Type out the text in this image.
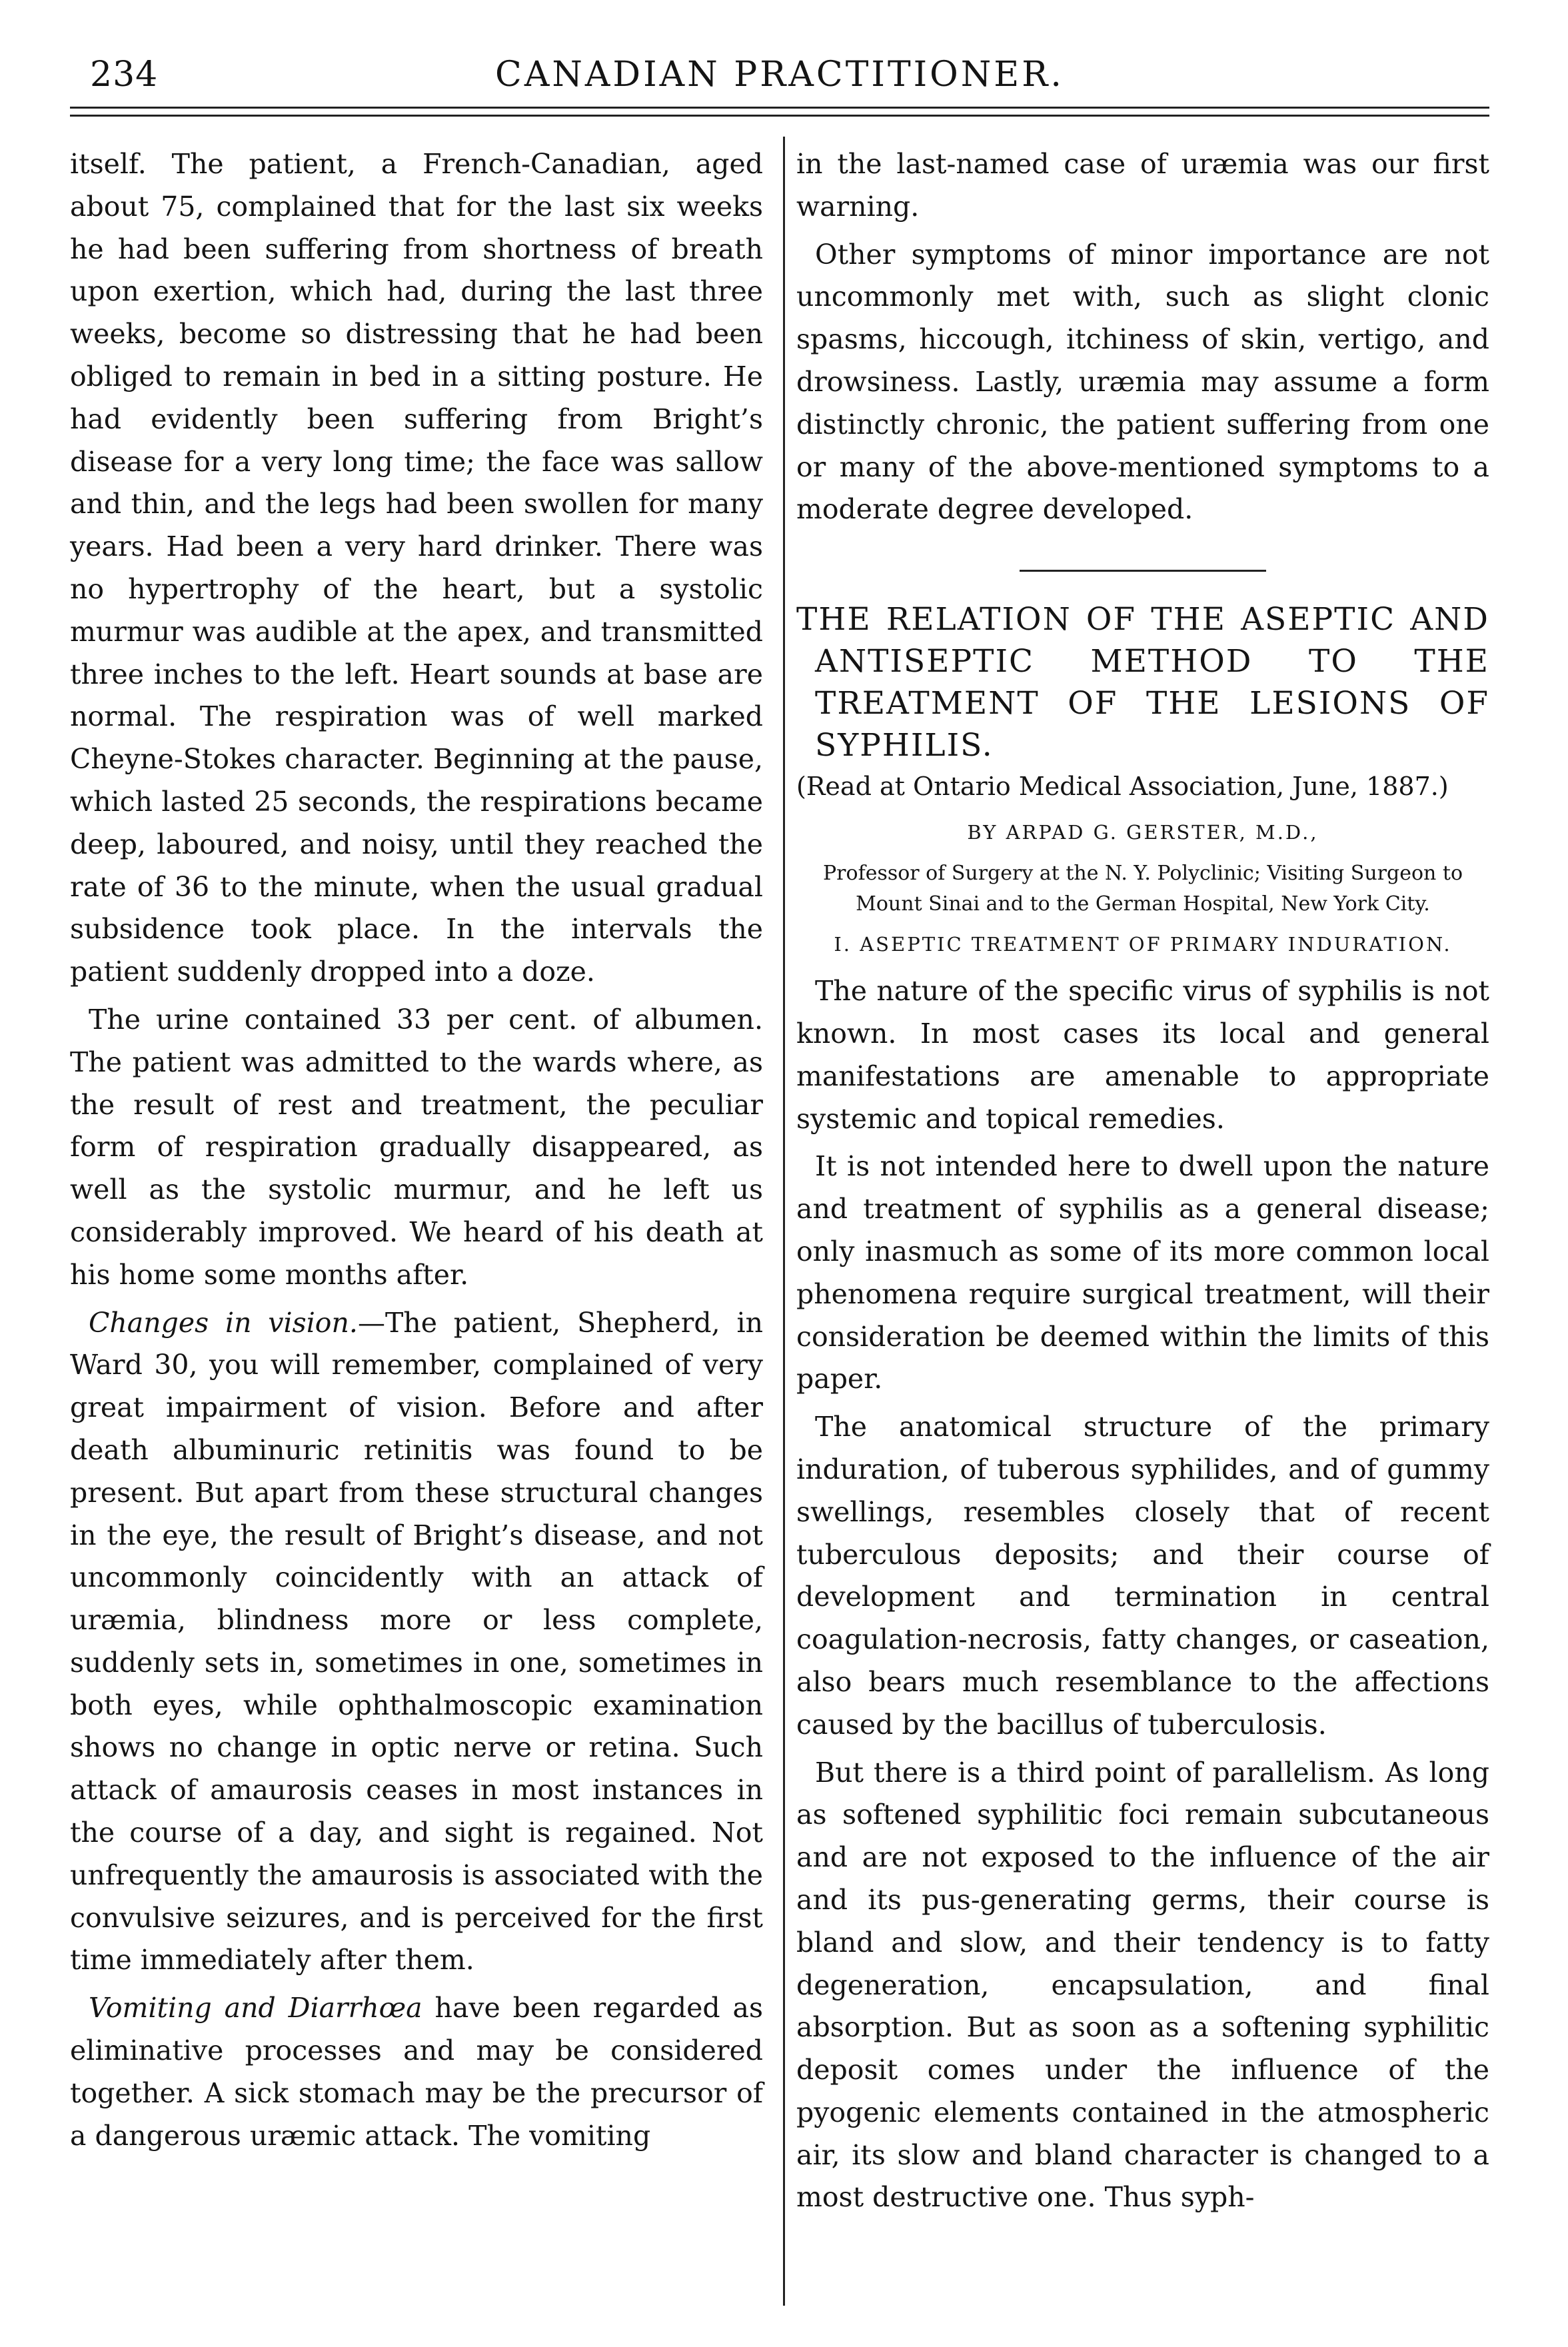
234	CANADIAN PRACTITIONER.

itself. The patient, a French-Canadian, aged about 75, complained that for the last six weeks he had been suffering from shortness of breath upon exertion, which had, during the last three weeks, become so distressing that he had been obliged to remain in bed in a sitting posture. He had evidently been suffering from Bright’s disease for a very long time; the face was sallow and thin, and the legs had been swollen for many years. Had been a very hard drinker. There was no hypertrophy of the heart, but a systolic murmur was audible at the apex, and transmitted three inches to the left. Heart sounds at base are normal. The respiration was of well marked Cheyne-Stokes character. Beginning at the pause, which lasted 25 seconds, the respirations became deep, laboured, and noisy, until they reached the rate of 36 to the minute, when the usual gradual subsidence took place. In the intervals the patient suddenly dropped into a doze.

The urine contained 33 per cent. of albumen. The patient was admitted to the wards where, as the result of rest and treatment, the peculiar form of respiration gradually disappeared, as well as the systolic murmur, and he left us considerably improved. We heard of his death at his home some months after.

Changes in vision.—The patient, Shepherd, in Ward 30, you will remember, complained of very great impairment of vision. Before and after death albuminuric retinitis was found to be present. But apart from these structural changes in the eye, the result of Bright’s disease, and not uncommonly coincidently with an attack of uræmia, blindness more or less complete, suddenly sets in, sometimes in one, sometimes in both eyes, while ophthalmoscopic examination shows no change in optic nerve or retina. Such attack of amaurosis ceases in most instances in the course of a day, and sight is regained. Not unfrequently the amaurosis is associated with the convulsive seizures, and is perceived for the first time immediately after them.

Vomiting and Diarrhœa have been regarded as eliminative processes and may be considered together. A sick stomach may be the precursor of a dangerous uræmic attack. The vomiting

in the last-named case of uræmia was our first warning.

Other symptoms of minor importance are not uncommonly met with, such as slight clonic spasms, hiccough, itchiness of skin, vertigo, and drowsiness. Lastly, uræmia may assume a form distinctly chronic, the patient suffering from one or many of the above-mentioned symptoms to a moderate degree developed.

THE RELATION OF THE ASEPTIC AND ANTISEPTIC METHOD TO THE TREATMENT OF THE LESIONS OF SYPHILIS.

(Read at Ontario Medical Association, June, 1887.)

BY ARPAD G. GERSTER, M.D.,

Professor of Surgery at the N. Y. Polyclinic; Visiting Surgeon to Mount Sinai and to the German Hospital, New York City.

I. ASEPTIC TREATMENT OF PRIMARY INDURATION.

The nature of the specific virus of syphilis is not known. In most cases its local and general manifestations are amenable to appropriate systemic and topical remedies.

It is not intended here to dwell upon the nature and treatment of syphilis as a general disease; only inasmuch as some of its more common local phenomena require surgical treatment, will their consideration be deemed within the limits of this paper.

The anatomical structure of the primary induration, of tuberous syphilides, and of gummy swellings, resembles closely that of recent tuberculous deposits; and their course of development and termination in central coagulation-necrosis, fatty changes, or caseation, also bears much resemblance to the affections caused by the bacillus of tuberculosis.

But there is a third point of parallelism. As long as softened syphilitic foci remain subcutaneous and are not exposed to the influence of the air and its pus-generating germs, their course is bland and slow, and their tendency is to fatty degeneration, encapsulation, and final absorption. But as soon as a softening syphilitic deposit comes under the influence of the pyogenic elements contained in the atmospheric air, its slow and bland character is changed to a most destructive one. Thus syph-
